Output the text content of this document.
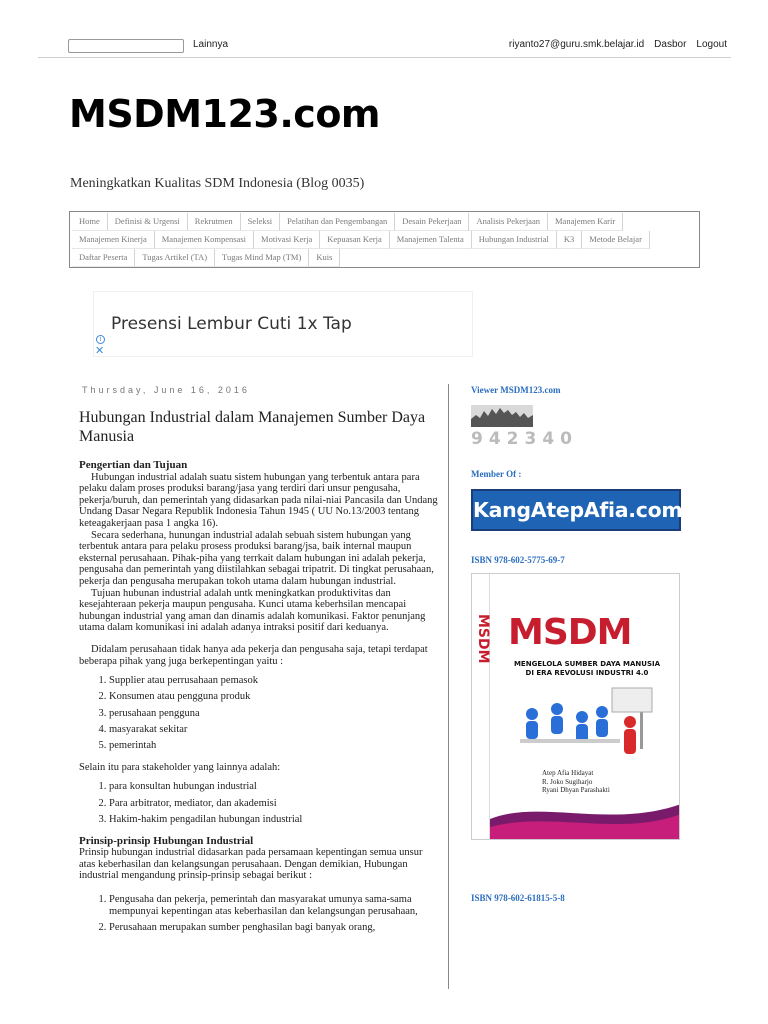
Lainnya	riyanto27@guru.smk.belajar.id Dasbor Logout
MSDM123.com
Meningkatkan Kualitas SDM Indonesia (Blog 0035)
Home	Definisi & Urgensi	Rekrutmen	Seleksi	Pelatihan dan Pengembangan	Desain Pekerjaan	Analisis Pekerjaan	Manajemen Karir
Manajemen Kinerja	Manajemen Kompensasi	Motivasi Kerja	Kepuasan Kerja	Manajemen Talenta	Hubungan Industrial	K3	Metode Belajar
Daftar Peserta	Tugas Artikel (TA)	Tugas Mind Map (TM)	Kuis
Presensi Lembur Cuti 1x Tap
i
✕
Thursday, June 16, 2016
Hubungan Industrial dalam Manajemen Sumber Daya Manusia

Pengertian dan Tujuan

Hubungan industrial adalah suatu sistem hubungan yang terbentuk antara para pelaku dalam proses produksi barang/jasa yang terdiri dari unsur pengusaha, pekerja/buruh, dan pemerintah yang didasarkan pada nilai-niai Pancasila dan Undang Undang Dasar Negara Republik Indonesia Tahun 1945 ( UU No.13/2003 tentang keteagakerjaan pasa 1 angka 16).

Secara sederhana, hunungan industrial adalah sebuah sistem hubungan yang terbentuk antara para pelaku prosess produksi barang/jsa, baik internal maupun eksternal perusahaan. Pihak-piha yang terrkait dalam hubungan ini adalah pekerja, pengusaha dan pemerintah yang diistilahkan sebagai tripatrit. Di tingkat perusahaan, pekerja dan pengusaha merupakan tokoh utama dalam hubungan industrial.

Tujuan hubunan industrial adalah untk meningkatkan produktivitas dan kesejahteraan pekerja maupun pengusaha. Kunci utama keberhsilan mencapai hubungan industrial yang aman dan dinamis adalah komunikasi. Faktor penunjang utama dalam komunikasi ini adalah adanya intraksi positif dari keduanya.

Didalam perusahaan tidak hanya ada pekerja dan pengusaha saja, tetapi terdapat beberapa pihak yang juga berkepentingan yaitu :

1. Supplier atau perrusahaan pemasok
2. Konsumen atau pengguna produk
3. perusahaan pengguna
4. masyarakat sekitar
5. pemerintah

Selain itu para stakeholder yang lainnya adalah:

1. para konsultan hubungan industrial
2. Para arbitrator, mediator, dan akademisi
3. Hakim-hakim pengadilan hubungan industrial

Prinsip-prinsip Hubungan Industrial

Prinsip hubungan industrial didasarkan pada persamaan kepentingan semua unsur atas keberhasilan dan kelangsungan perusahaan. Dengan demikian, Hubungan industrial mengandung prinsip-prinsip sebagai berikut :

1. Pengusaha dan pekerja, pemerintah dan masyarakat umunya sama-sama mempunyai kepentingan atas keberhasilan dan kelangsungan perusahaan,
2. Perusahaan merupakan sumber penghasilan bagi banyak orang,
Viewer MSDM123.com
942340
Member Of :
KangAtepAfia.com
ISBN 978-602-5775-69-7
MSDM MSDM
MENGELOLA SUMBER DAYA MANUSIA
DI ERA REVOLUSI INDUSTRI 4.0
Atep Afia Hidayat
R. Joko Sugiharjo
Ryani Dhyan Parashakti
ISBN 978-602-61815-5-8
